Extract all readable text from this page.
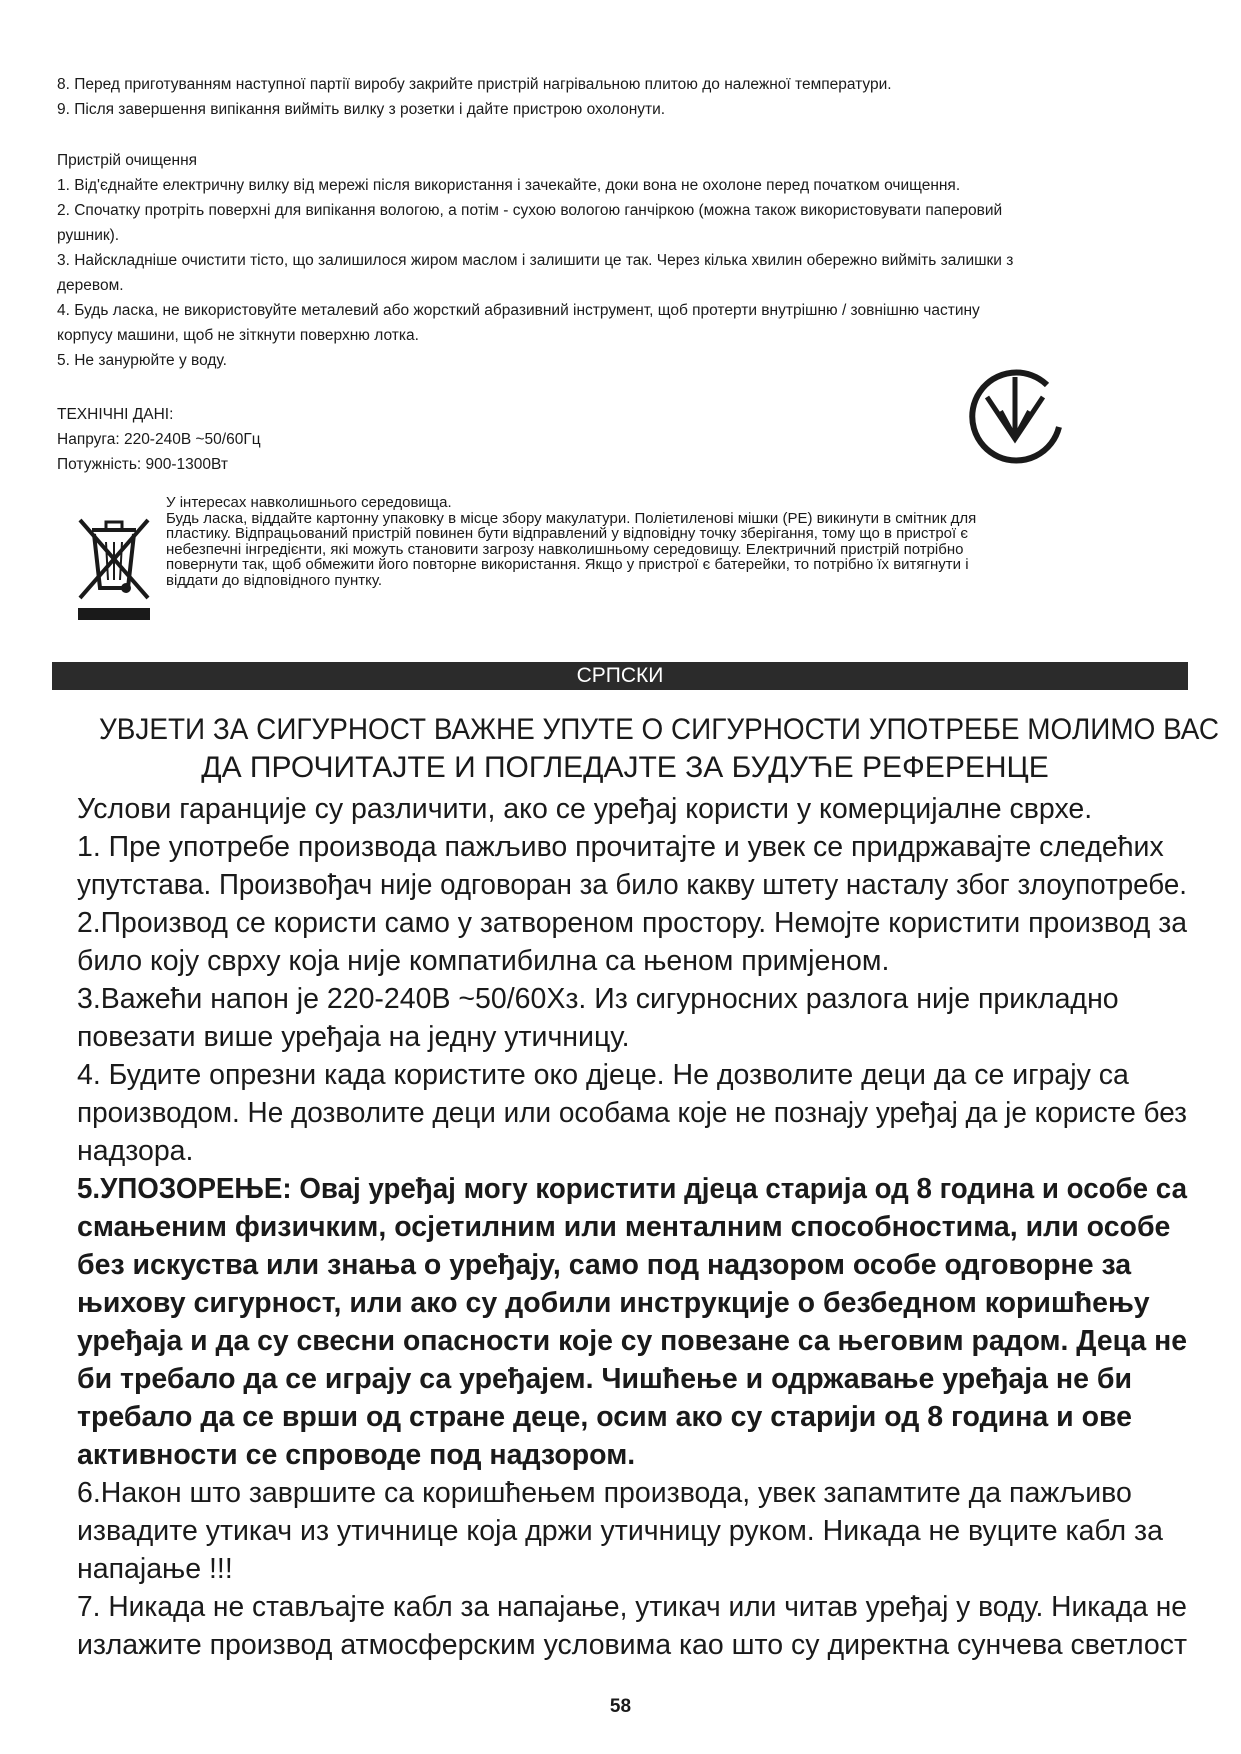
8. Перед приготуванням наступної партії виробу закрийте пристрій нагрівальною плитою до належної температури.

9. Після завершення випікання вийміть вилку з розетки і дайте пристрою охолонути.

Пристрій очищення

1. Від'єднайте електричну вилку від мережі після використання і зачекайте, доки вона не охолоне перед початком очищення.

2. Спочатку протріть поверхні для випікання вологою, а потім - сухою вологою ганчіркою (можна також використовувати паперовий

рушник).

3. Найскладніше очистити тісто, що залишилося жиром маслом і залишити це так. Через кілька хвилин обережно вийміть залишки з

деревом.

4. Будь ласка, не використовуйте металевий або жорсткий абразивний інструмент, щоб протерти внутрішню / зовнішню частину

корпусу машини, щоб не зіткнути поверхню лотка.

5. Не занурюйте у воду.

ТЕХНІЧНІ ДАНІ:

Напруга: 220-240В ~50/60Гц

Потужність: 900-1300Вт

У інтересах навколишнього середовища.

Будь ласка, віддайте картонну упаковку в місце збору макулатури. Поліетиленові мішки (PE) викинути в смітник для

пластику. Відпрацьований пристрій повинен бути відправлений у відповідну точку зберігання, тому що в пристрої є

небезпечні інгредієнти, які можуть становити загрозу навколишньому середовищу. Електричний пристрій потрібно

повернути так, щоб обмежити його повторне використання. Якщо у пристрої є батерейки, то потрібно їх витягнути і

віддати до відповідного пунтку.

СРПСКИ

УВЈЕТИ ЗА СИГУРНОСТ ВАЖНЕ УПУТЕ О СИГУРНОСТИ УПОТРЕБЕ МОЛИМО ВАС

ДА ПРОЧИТАЈТЕ И ПОГЛЕДАЈТЕ ЗА БУДУЋЕ РЕФЕРЕНЦЕ

Услови гаранције су различити, ако се уређај користи у комерцијалне сврхе.

1. Пре употребе производа пажљиво прочитајте и увек се придржавајте следећих

упутстава. Произвођач није одговоран за било какву штету насталу због злоупотребе.

2.Производ се користи само у затвореном простору. Немојте користити производ за

било коју сврху која није компатибилна са њеном примјеном.

3.Важећи напон је 220-240В ~50/60Хз. Из сигурносних разлога није прикладно

повезати више уређаја на једну утичницу.

4. Будите опрезни када користите око дјеце. Не дозволите деци да се играју са

производом. Не дозволите деци или особама које не познају уређај да је користе без

надзора.

5.УПОЗОРЕЊЕ: Овај уређај могу користити дјеца старија од 8 година и особе са

смањеним физичким, осјетилним или менталним способностима, или особе

без искуства или знања о уређају, само под надзором особе одговорне за

њихову сигурност, или ако су добили инструкције о безбедном коришћењу

уређаја и да су свесни опасности које су повезане са његовим радом. Деца не

би требало да се играју са уређајем. Чишћење и одржавање уређаја не би

требало да се врши од стране деце, осим ако су старији од 8 година и ове

активности се спроводе под надзором.

6.Након што завршите са коришћењем производа, увек запамтите да пажљиво

извадите утикач из утичнице која држи утичницу руком. Никада не вуците кабл за

напајање !!!

7. Никада не стављајте кабл за напајање, утикач или читав уређај у воду. Никада не

излажите производ атмосферским условима као што су директна сунчева светлост

58
